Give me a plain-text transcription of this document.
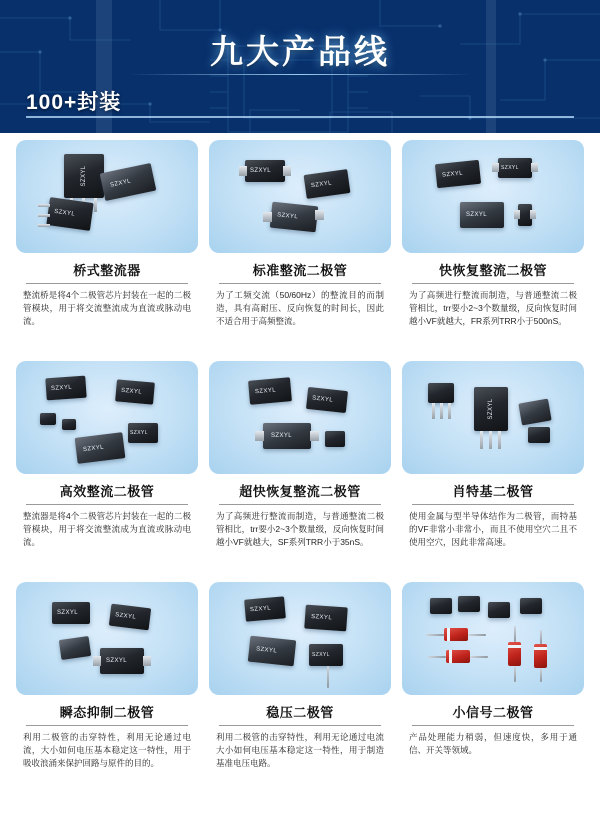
九大产品线
100+封装
SZXYL	SZXYL
SZXYL
桥式整流器
整流桥是将4个二极管芯片封装在一起的二极管模块，用于将交流整流成为直流或脉动电流。
SZXYL
SZXYL
SZXYL
标准整流二极管
为了工频交流（50/60Hz）的整流目的而制造，具有高耐压、反向恢复的时间长，因此不适合用于高频整流。
SZXYL
SZXYL
SZXYL
快恢复整流二极管
为了高频进行整流而制造，与普通整流二极管相比，trr要小2~3个数量级，反向恢复时间越小VF就越大，FR系列TRR小于500nS。
SZXYL	SZXYL
SZXYL
SZXYL
高效整流二极管
整流器是将4个二极管芯片封装在一起的二极管模块，用于将交流整流成为直流或脉动电流。
SZXYL
SZXYL
SZXYL
超快恢复整流二极管
为了高频进行整流而制造，与普通整流二极管相比，trr要小2~3个数量级，反向恢复时间越小VF就越大，SF系列TRR小于35nS。
SZXYL
肖特基二极管
使用金属与型半导体结作为二极管，而特基的VF非常小非常小，而且不使用空穴二且不使用空穴，因此非常高速。
SZXYL	SZXYL
SZXYL
瞬态抑制二极管
利用二极管的击穿特性，利用无论通过电流，大小如何电压基本稳定这一特性，用于吸收浪涌来保护回路与原件的目的。
SZXYL
SZXYL
SZXYL
SZXYL
稳压二极管
利用二极管的击穿特性，利用无论通过电流大小如何电压基本稳定这一特性，用于制造基准电压电路。
小信号二极管
产品处理能力稍弱，但速度快，多用于通信、开关等领域。
